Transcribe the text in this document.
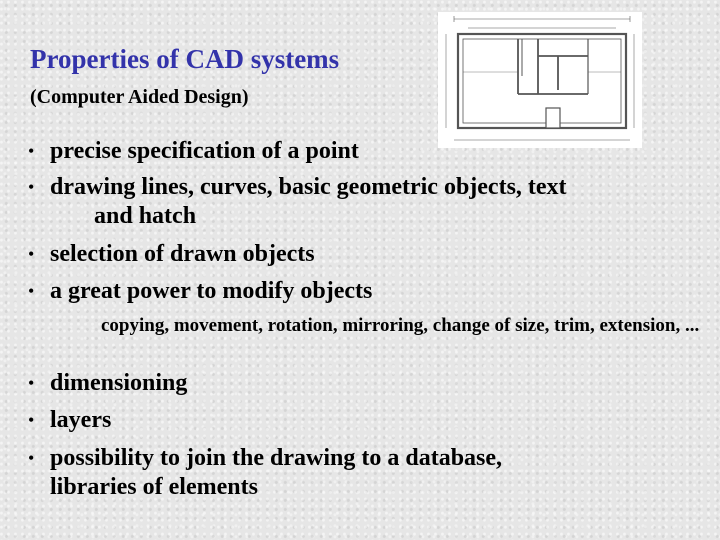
Properties of CAD systems
(Computer Aided Design)
• precise specification of a point
• drawing lines, curves, basic geometric objects, text
and hatch
• selection of drawn objects
• a great power to modify objects
copying, movement, rotation, mirroring, change of size, trim, extension, ...
• dimensioning
• layers
• possibility to join the drawing to a database,
libraries of elements
